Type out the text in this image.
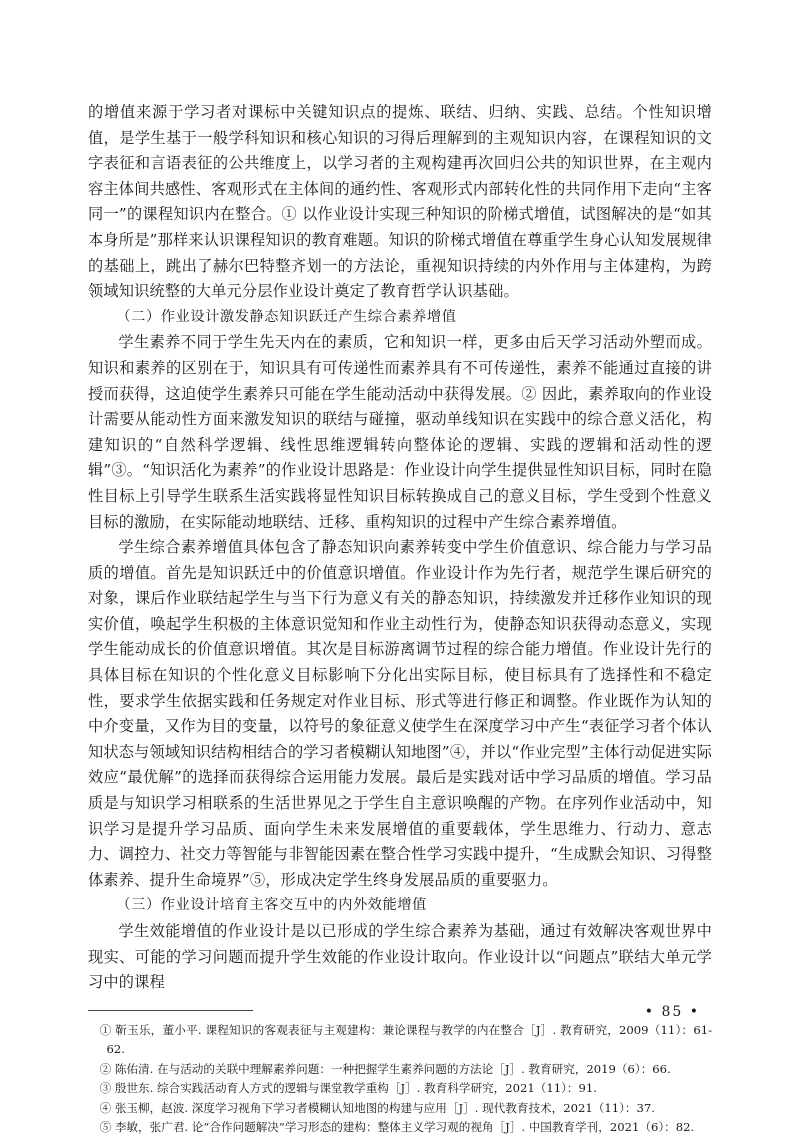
的增值来源于学习者对课标中关键知识点的提炼、联结、归纳、实践、总结。个性知识增值，是学生基于一般学科知识和核心知识的习得后理解到的主观知识内容，在课程知识的文字表征和言语表征的公共维度上，以学习者的主观构建再次回归公共的知识世界，在主观内容主体间共感性、客观形式在主体间的通约性、客观形式内部转化性的共同作用下走向“主客同一”的课程知识内在整合。① 以作业设计实现三种知识的阶梯式增值，试图解决的是“如其本身所是”那样来认识课程知识的教育难题。知识的阶梯式增值在尊重学生身心认知发展规律的基础上，跳出了赫尔巴特整齐划一的方法论，重视知识持续的内外作用与主体建构，为跨领域知识统整的大单元分层作业设计奠定了教育哲学认识基础。

（二）作业设计激发静态知识跃迁产生综合素养增值

学生素养不同于学生先天内在的素质，它和知识一样，更多由后天学习活动外塑而成。知识和素养的区别在于，知识具有可传递性而素养具有不可传递性，素养不能通过直接的讲授而获得，这迫使学生素养只可能在学生能动活动中获得发展。② 因此，素养取向的作业设计需要从能动性方面来激发知识的联结与碰撞，驱动单线知识在实践中的综合意义活化，构建知识的“自然科学逻辑、线性思维逻辑转向整体论的逻辑、实践的逻辑和活动性的逻辑”③。“知识活化为素养”的作业设计思路是：作业设计向学生提供显性知识目标，同时在隐性目标上引导学生联系生活实践将显性知识目标转换成自己的意义目标，学生受到个性意义目标的激励，在实际能动地联结、迁移、重构知识的过程中产生综合素养增值。

学生综合素养增值具体包含了静态知识向素养转变中学生价值意识、综合能力与学习品质的增值。首先是知识跃迁中的价值意识增值。作业设计作为先行者，规范学生课后研究的对象，课后作业联结起学生与当下行为意义有关的静态知识，持续激发并迁移作业知识的现实价值，唤起学生积极的主体意识觉知和作业主动性行为，使静态知识获得动态意义，实现学生能动成长的价值意识增值。其次是目标游离调节过程的综合能力增值。作业设计先行的具体目标在知识的个性化意义目标影响下分化出实际目标，使目标具有了选择性和不稳定性，要求学生依据实践和任务规定对作业目标、形式等进行修正和调整。作业既作为认知的中介变量，又作为目的变量，以符号的象征意义使学生在深度学习中产生“表征学习者个体认知状态与领域知识结构相结合的学习者模糊认知地图”④，并以“作业完型”主体行动促进实际效应“最优解”的选择而获得综合运用能力发展。最后是实践对话中学习品质的增值。学习品质是与知识学习相联系的生活世界见之于学生自主意识唤醒的产物。在序列作业活动中，知识学习是提升学习品质、面向学生未来发展增值的重要载体，学生思维力、行动力、意志力、调控力、社交力等智能与非智能因素在整合性学习实践中提升，“生成默会知识、习得整体素养、提升生命境界”⑤，形成决定学生终身发展品质的重要驱力。

（三）作业设计培育主客交互中的内外效能增值

学生效能增值的作业设计是以已形成的学生综合素养为基础，通过有效解决客观世界中现实、可能的学习问题而提升学生效能的作业设计取向。作业设计以“问题点”联结大单元学习中的课程

① 靳玉乐，董小平. 课程知识的客观表征与主观建构：兼论课程与教学的内在整合［J］. 教育研究，2009（11）：61-62.

② 陈佑清. 在与活动的关联中理解素养问题：一种把握学生素养问题的方法论［J］. 教育研究，2019（6）：66.

③ 殷世东. 综合实践活动育人方式的逻辑与课堂教学重构［J］. 教育科学研究，2021（11）：91.

④ 张玉柳，赵波. 深度学习视角下学习者模糊认知地图的构建与应用［J］. 现代教育技术，2021（11）：37.

⑤ 李敏，张广君. 论“合作问题解决”学习形态的建构：整体主义学习观的视角［J］. 中国教育学刊，2021（6）：82.

• 85 •
